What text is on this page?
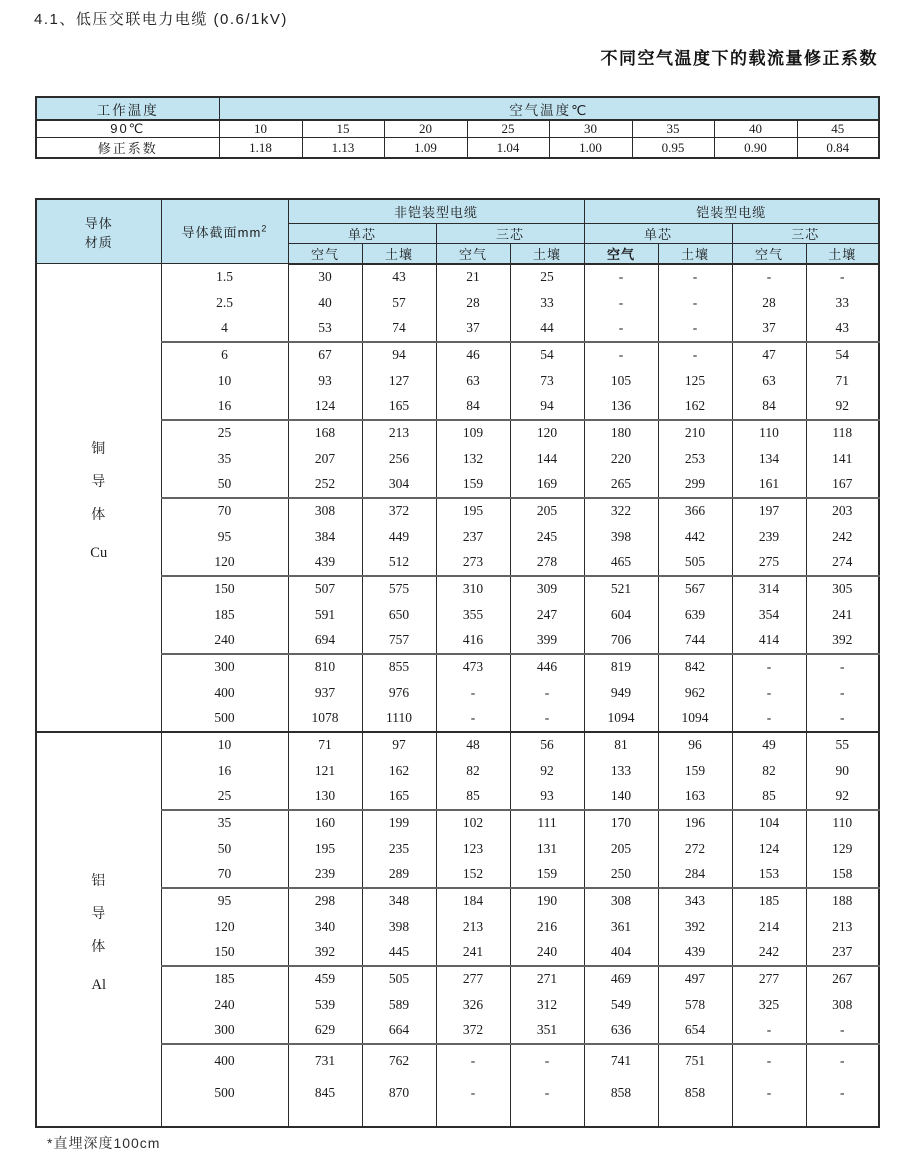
4.1、低压交联电力电缆 (0.6/1kV)
不同空气温度下的载流量修正系数
工作温度	空气温度℃							
90℃	10	15	20	25	30	35	40	45
修正系数	1.18	1.13	1.09	1.04	1.00	0.95	0.90	0.84
导体
材质	导体截面$mm^2$	非铠装型电缆				铠装型电缆			
		单芯		三芯		单芯		三芯	
		空气	土壤	空气	土壤	空气	土壤	空气	土壤

铜
导
体
Cu	1.5	30	43	21	25	-	-	-	-
	2.5	40	57	28	33	-	-	28	33
	4	53	74	37	44	-	-	37	43
	6	67	94	46	54	-	-	47	54
	10	93	127	63	73	105	125	63	71
	16	124	165	84	94	136	162	84	92
	25	168	213	109	120	180	210	110	118
	35	207	256	132	144	220	253	134	141
	50	252	304	159	169	265	299	161	167
	70	308	372	195	205	322	366	197	203
	95	384	449	237	245	398	442	239	242
	120	439	512	273	278	465	505	275	274
	150	507	575	310	309	521	567	314	305
	185	591	650	355	247	604	639	354	241
	240	694	757	416	399	706	744	414	392
	300	810	855	473	446	819	842	-	-
	400	937	976	-	-	949	962	-	-
	500	1078	1110	-	-	1094	1094	-	-

铝
导
体
Al	10	71	97	48	56	81	96	49	55
	16	121	162	82	92	133	159	82	90
	25	130	165	85	93	140	163	85	92
	35	160	199	102	111	170	196	104	110
	50	195	235	123	131	205	272	124	129
	70	239	289	152	159	250	284	153	158
	95	298	348	184	190	308	343	185	188
	120	340	398	213	216	361	392	214	213
	150	392	445	241	240	404	439	242	237
	185	459	505	277	271	469	497	277	267
	240	539	589	326	312	549	578	325	308
	300	629	664	372	351	636	654	-	-
	400	731	762	-	-	741	751	-	-
	500	845	870	-	-	858	858	-	-

*直埋深度100cm
